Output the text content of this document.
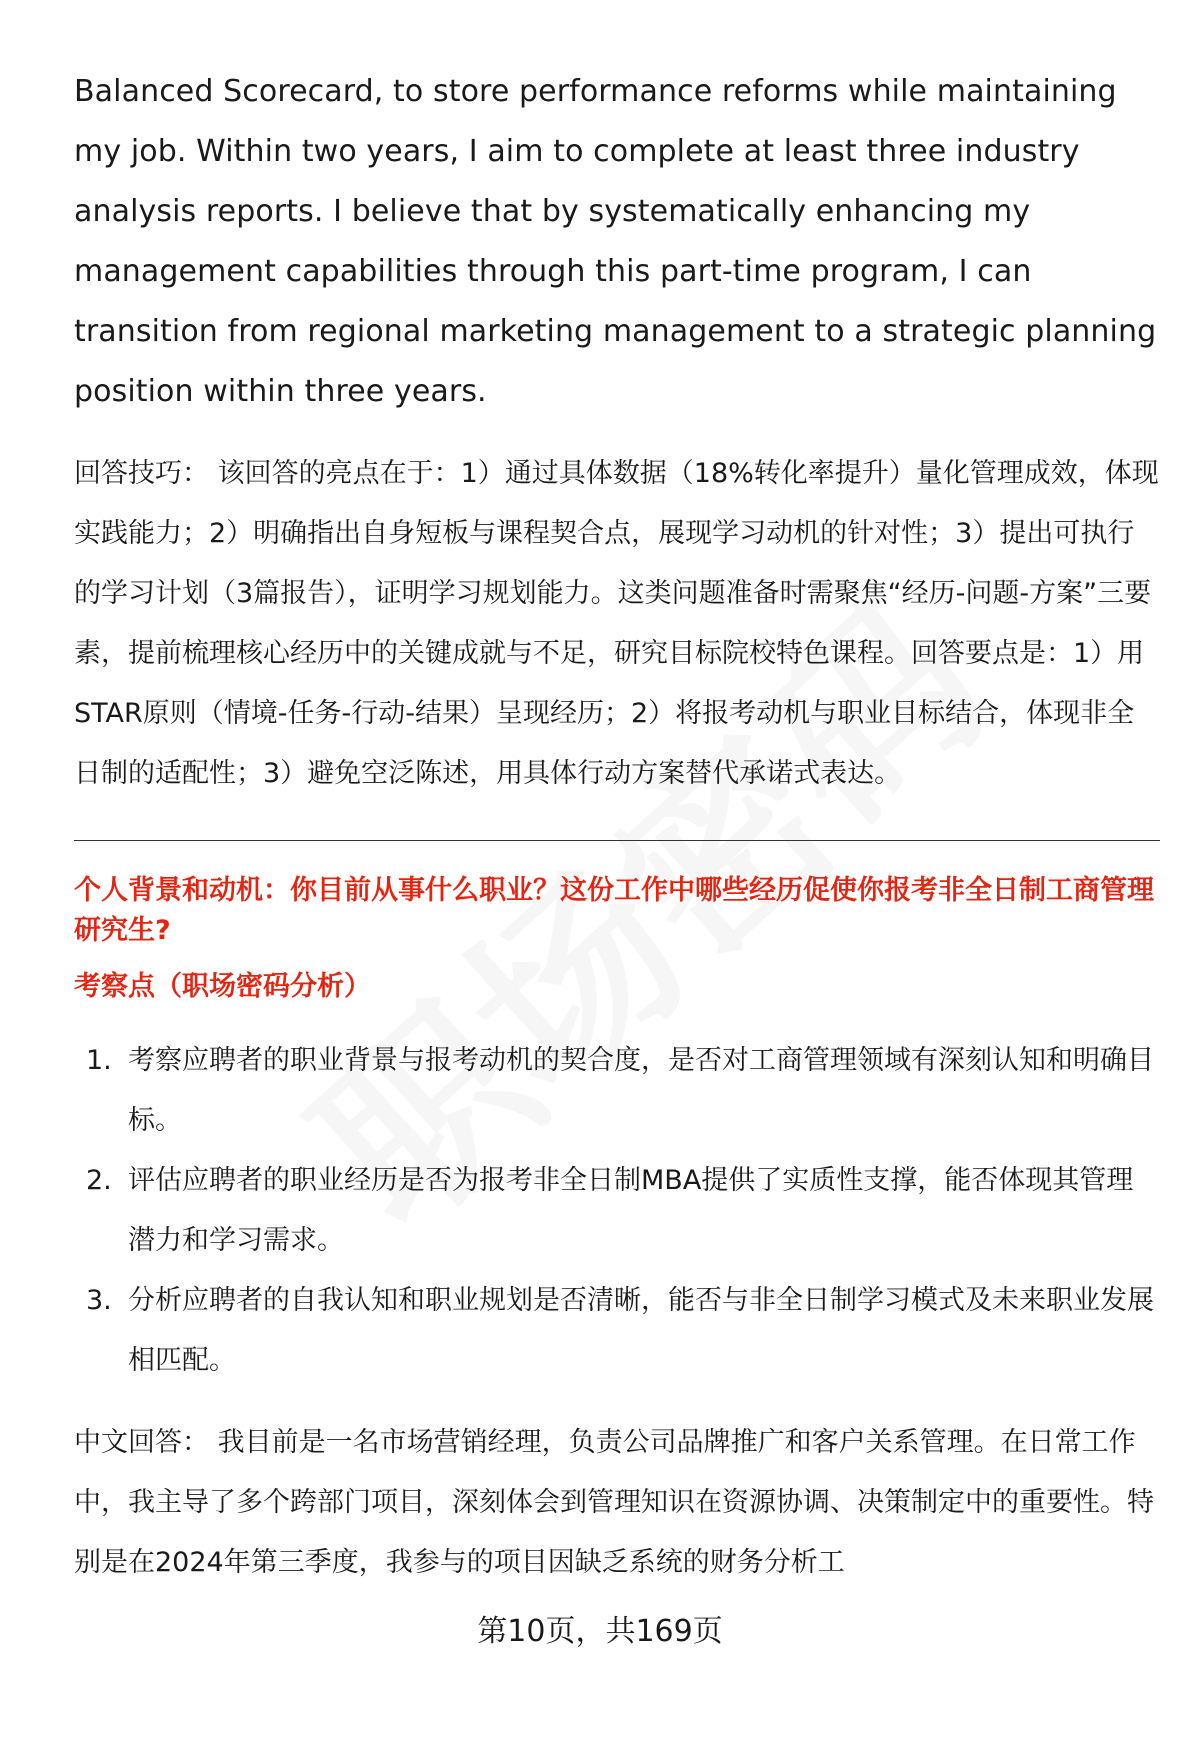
Balanced Scorecard, to store performance reforms while maintaining my job. Within two years, I aim to complete at least three industry analysis reports. I believe that by systematically enhancing my management capabilities through this part-time program, I can transition from regional marketing management to a strategic planning position within three years.

回答技巧： 该回答的亮点在于：1）通过具体数据（18%转化率提升）量化管理成效，体现实践能力；2）明确指出自身短板与课程契合点，展现学习动机的针对性；3）提出可执行的学习计划（3篇报告），证明学习规划能力。这类问题准备时需聚焦“经历-问题-方案”三要素，提前梳理核心经历中的关键成就与不足，研究目标院校特色课程。回答要点是：1）用STAR原则（情境-任务-行动-结果）呈现经历；2）将报考动机与职业目标结合，体现非全日制的适配性；3）避免空泛陈述，用具体行动方案替代承诺式表达。

个人背景和动机：你目前从事什么职业？这份工作中哪些经历促使你报考非全日制工商管理研究生?
考察点（职场密码分析）
1. 考察应聘者的职业背景与报考动机的契合度，是否对工商管理领域有深刻认知和明确目标。
2. 评估应聘者的职业经历是否为报考非全日制MBA提供了实质性支撑，能否体现其管理潜力和学习需求。
3. 分析应聘者的自我认知和职业规划是否清晰，能否与非全日制学习模式及未来职业发展相匹配。

中文回答： 我目前是一名市场营销经理，负责公司品牌推广和客户关系管理。在日常工作中，我主导了多个跨部门项目，深刻体会到管理知识在资源协调、决策制定中的重要性。特别是在2024年第三季度，我参与的项目因缺乏系统的财务分析工

第10页，共169页
